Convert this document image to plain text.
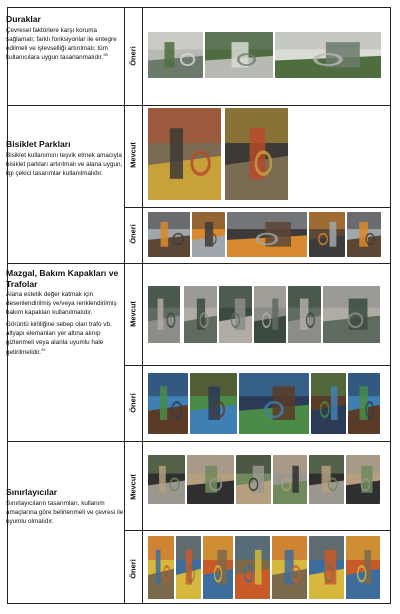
Duraklar

Çevresel faktörlere karşı koruma sağlamalı; farklı fonksiyonlar ile entegre edilmeli ve işlevselliği artırılmalı; tüm kullanıcılara uygun tasarlanmalıdır.$^{28}$

Bisiklet Parkları

Bisiklet kullanımını teşvik etmek amacıyla bisiklet parkları artırılmalı ve alana uygun, ilgi çekici tasarımlar kullanılmalıdır.

Mazgal, Bakım Kapakları ve Trafolar

Alana estetik değer katmak için desenlendirilmiş ve/veya renklendirilmiş bakım kapakları kullanılmalıdır.

Görüntü kirliliğine sebep olan trafo vb. altyapı elemanları yer altına alınıp gizlenmeli veya alanla uyumlu hale getirilmelidir.$^{29}$

Sınırlayıcılar

Sınırlayıcıların tasarımları, kullanım amaçlarına göre belirlenmeli ve çevresi ile uyumlu olmalıdır.

Öneri
Mevcut
Öneri
Mevcut
Öneri
Mevcut
Öneri
